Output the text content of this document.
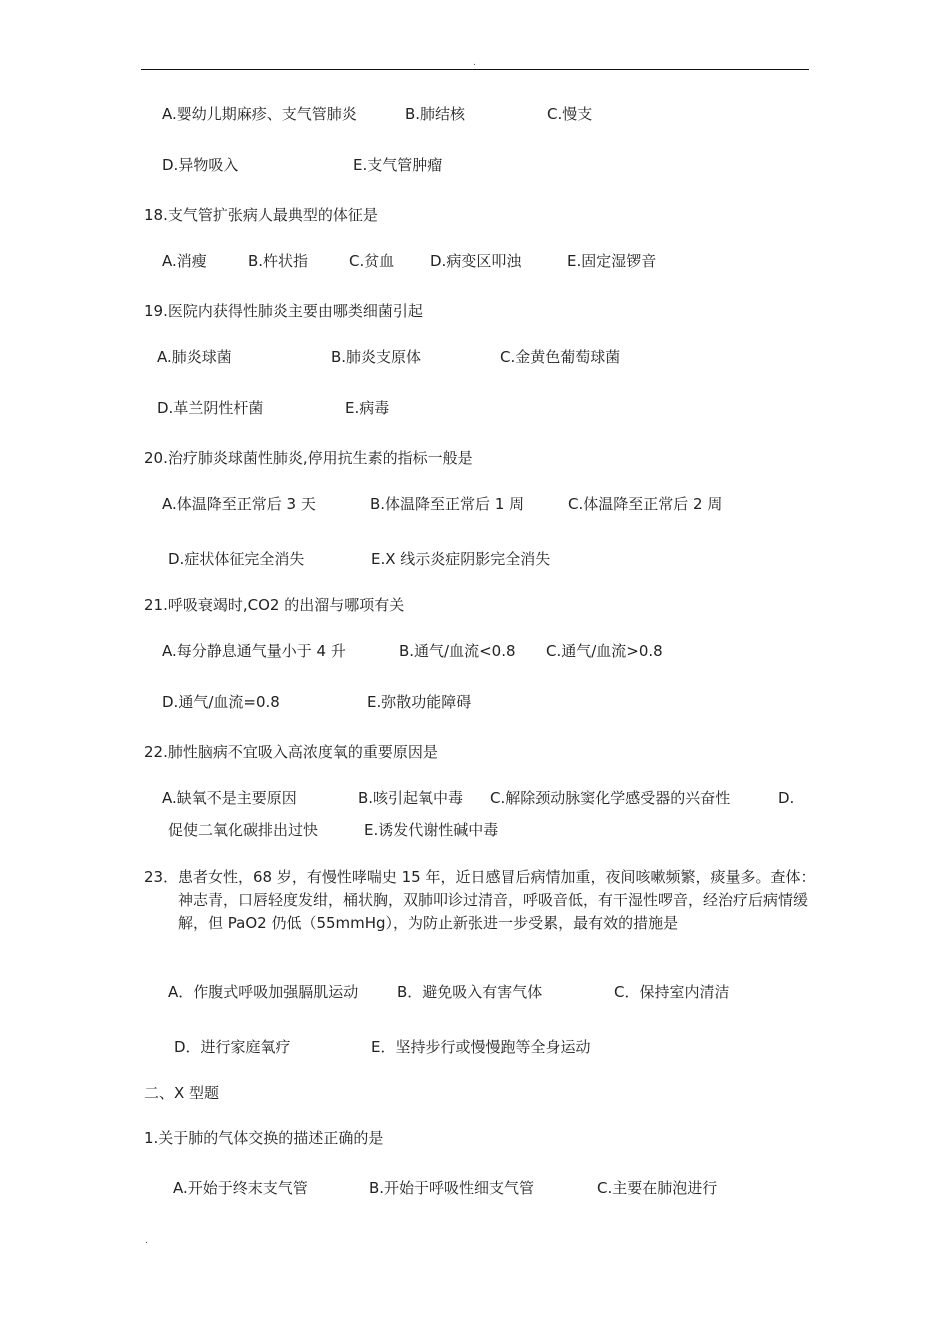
.
A.婴幼儿期麻疹、支气管肺炎	B.肺结核	C.慢支
D.异物吸入	E.支气管肿瘤
18.支气管扩张病人最典型的体征是
A.消瘦	B.杵状指	C.贫血 D.病变区叩浊	E.固定湿锣音
19.医院内获得性肺炎主要由哪类细菌引起
A.肺炎球菌	B.肺炎支原体	C.金黄色葡萄球菌
D.革兰阴性杆菌	E.病毒
20.治疗肺炎球菌性肺炎,停用抗生素的指标一般是
A.体温降至正常后 3 天	B.体温降至正常后 1 周	C.体温降至正常后 2 周
D.症状体征完全消失	E.X 线示炎症阴影完全消失
21.呼吸衰竭时,CO2 的出溜与哪项有关
A.每分静息通气量小于 4 升	B.通气/血流<0.8 C.通气/血流>0.8
D.通气/血流=0.8	E.弥散功能障碍
22.肺性脑病不宜吸入高浓度氧的重要原因是
A.缺氧不是主要原因	B.咳引起氧中毒 C.解除颈动脉窦化学感受器的兴奋性	D.
促使二氧化碳排出过快	E.诱发代谢性碱中毒
23． 患者女性，68 岁，有慢性哮喘史 15 年，近日感冒后病情加重，夜间咳嗽频繁，痰量多。查体：神志青，口唇轻度发绀，桶状胸，双肺叩诊过清音，呼吸音低，有干湿性啰音，经治疗后病情缓解，但 PaO2 仍低（55mmHg），为防止新张进一步受累，最有效的措施是
A．作腹式呼吸加强膈肌运动	B．避免吸入有害气体	C．保持室内清洁
D．进行家庭氧疗	E．坚持步行或慢慢跑等全身运动
二、X 型题
1.关于肺的气体交换的描述正确的是
A.开始于终末支气管	B.开始于呼吸性细支气管	C.主要在肺泡进行
.
